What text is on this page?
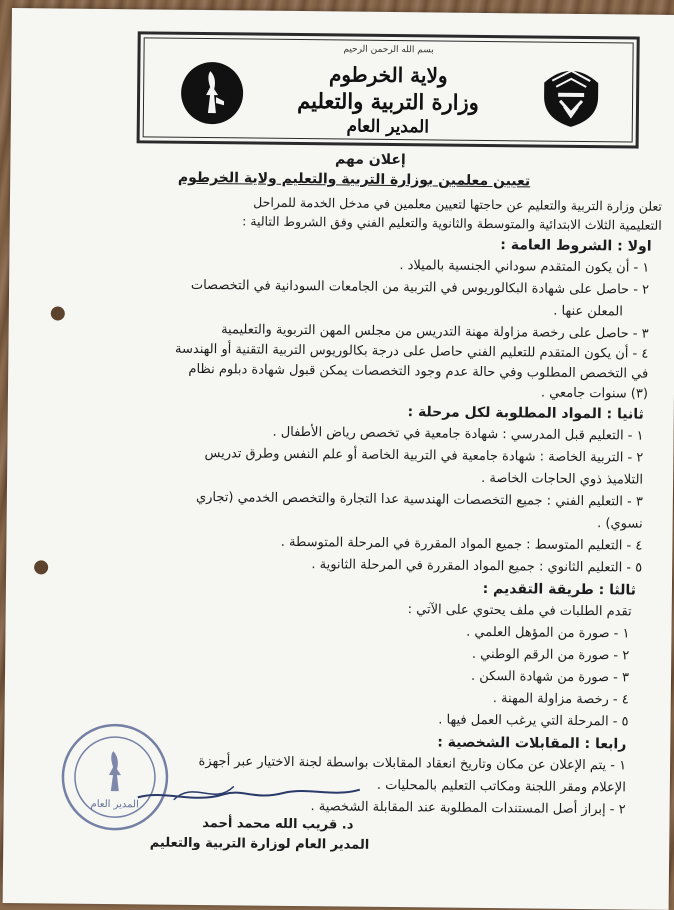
بسم الله الرحمن الرحيم
ولاية الخرطوم
وزارة التربية والتعليم
المدير العام
إعلان مهم
تعيين معلمين بوزارة التربية والتعليم ولاية الخرطوم
تعلن وزارة التربية والتعليم عن حاجتها لتعيين معلمين في مدخل الخدمة للمراحل
التعليمية الثلاث الابتدائية والمتوسطة والثانوية والتعليم الفني وفق الشروط التالية :
اولا : الشروط العامة :
١ - أن يكون المتقدم سوداني الجنسية بالميلاد .
٢ - حاصل على شهادة البكالوريوس في التربية من الجامعات السودانية في التخصصات
المعلن عنها .
٣ - حاصل على رخصة مزاولة مهنة التدريس من مجلس المهن التربوية والتعليمية
٤ - أن يكون المتقدم للتعليم الفني حاصل على درجة بكالوريوس التربية التقنية أو الهندسة
في التخصص المطلوب وفي حالة عدم وجود التخصصات يمكن قبول شهادة دبلوم نظام
(٣) سنوات جامعي .
ثانيا : المواد المطلوبة لكل مرحلة :
١ - التعليم قبل المدرسي : شهادة جامعية في تخصص رياض الأطفال .
٢ - التربية الخاصة : شهادة جامعية في التربية الخاصة أو علم النفس وطرق تدريس
التلاميذ ذوي الحاجات الخاصة .
٣ - التعليم الفني : جميع التخصصات الهندسية عدا التجارة والتخصص الخدمي (تجاري
نسوي) .
٤ - التعليم المتوسط : جميع المواد المقررة في المرحلة المتوسطة .
٥ - التعليم الثانوي : جميع المواد المقررة في المرحلة الثانوية .
ثالثا : طريقة التقديم :
تقدم الطلبات في ملف يحتوي على الآتي :
١ - صورة من المؤهل العلمي .
٢ - صورة من الرقم الوطني .
٣ - صورة من شهادة السكن .
٤ - رخصة مزاولة المهنة .
٥ - المرحلة التي يرغب العمل فيها .
رابعا : المقابلات الشخصية :
١ - يتم الإعلان عن مكان وتاريخ انعقاد المقابلات بواسطة لجنة الاختيار عبر أجهزة
الإعلام ومقر اللجنة ومكاتب التعليم بالمحليات .
٢ - إبراز أصل المستندات المطلوبة عند المقابلة الشخصية .
المدير العام
د. قريب الله محمد أحمد
المدير العام لوزارة التربية والتعليم
